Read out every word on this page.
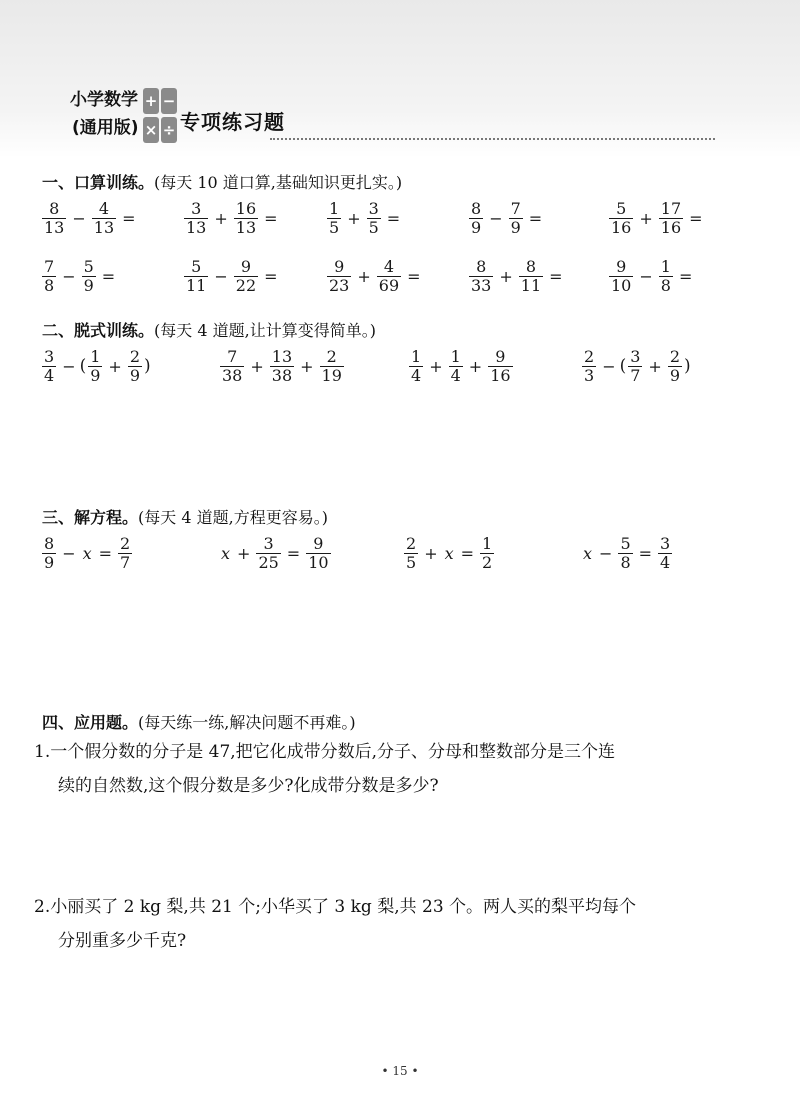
小学数学
(通用版)
+ −
× ÷ 专项练习题
一、口算训练。(每天 10 道口算,基础知识更扎实。)
$\frac{8}{13} - \frac{4}{13}$ =	$\frac{3}{13} + \frac{16}{13}$ =	$\frac{1}{5} + \frac{3}{5}$ =	$\frac{8}{9} - \frac{7}{9}$ =	$\frac{5}{16} + \frac{17}{16}$ =
$\frac{7}{8} - \frac{5}{9}$ =	$\frac{5}{11} - \frac{9}{22}$ =	$\frac{9}{23} + \frac{4}{69}$ =	$\frac{8}{33} + \frac{8}{11}$ =	$\frac{9}{10} - \frac{1}{8}$ =
二、脱式训练。(每天 4 道题,让计算变得简单。)
$\frac{3}{4}$ − ( $\frac{1}{9} + \frac{2}{9}$ )	$\frac{7}{38} + \frac{13}{38} + \frac{2}{19}$	$\frac{1}{4} + \frac{1}{4} + \frac{9}{16}$	$\frac{2}{3}$ − ( $\frac{3}{7} + \frac{2}{9}$ )
三、解方程。(每天 4 道题,方程更容易。)
$\frac{8}{9} - x = \frac{2}{7}$	$x + \frac{3}{25} = \frac{9}{10}$	$\frac{2}{5} + x = \frac{1}{2}$	$x - \frac{5}{8} = \frac{3}{4}$
四、应用题。(每天练一练,解决问题不再难。)
1.一个假分数的分子是 47,把它化成带分数后,分子、分母和整数部分是三个连
续的自然数,这个假分数是多少?化成带分数是多少?
2.小丽买了 2 kg 梨,共 21 个;小华买了 3 kg 梨,共 23 个。两人买的梨平均每个
分别重多少千克?
• 15 •
